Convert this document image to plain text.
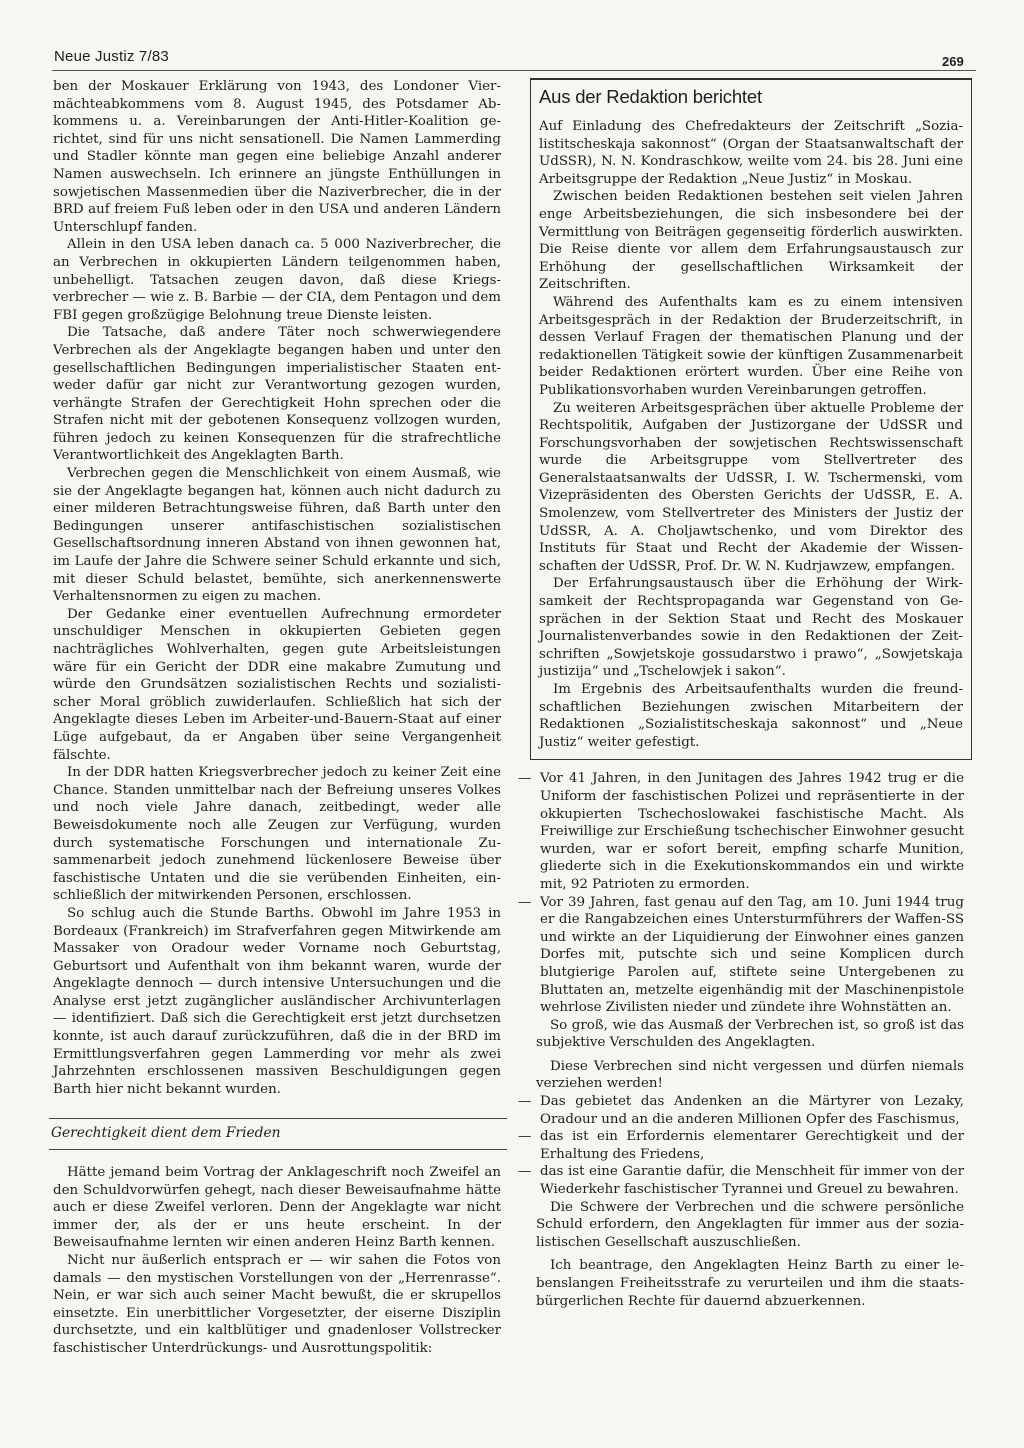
Neue Justiz 7/83	269

ben der Moskauer Erklärung von 1943, des Londoner Viermächteabkommens vom 8. August 1945, des Potsdamer Abkommens u. a. Vereinbarungen der Anti-Hitler-Koalition gerichtet, sind für uns nicht sensationell. Die Namen Lammerding und Stadler könnte man gegen eine beliebige Anzahl anderer Namen auswechseln. Ich erinnere an jüngste Enthüllungen in sowjetischen Massenmedien über die Naziverbrecher, die in der BRD auf freiem Fuß leben oder in den USA und anderen Ländern Unterschlupf fanden.

Allein in den USA leben danach ca. 5 000 Naziverbrecher, die an Verbrechen in okkupierten Ländern teilgenommen haben, unbehelligt. Tatsachen zeugen davon, daß diese Kriegsverbrecher — wie z. B. Barbie — der CIA, dem Pentagon und dem FBI gegen großzügige Belohnung treue Dienste leisten.

Die Tatsache, daß andere Täter noch schwerwiegendere Verbrechen als der Angeklagte begangen haben und unter den gesellschaftlichen Bedingungen imperialistischer Staaten entweder dafür gar nicht zur Verantwortung gezogen wurden, verhängte Strafen der Gerechtigkeit Hohn sprechen oder die Strafen nicht mit der gebotenen Konsequenz vollzogen wurden, führen jedoch zu keinen Konsequenzen für die strafrechtliche Verantwortlichkeit des Angeklagten Barth.

Verbrechen gegen die Menschlichkeit von einem Ausmaß, wie sie der Angeklagte begangen hat, können auch nicht dadurch zu einer milderen Betrachtungsweise führen, daß Barth unter den Bedingungen unserer antifaschistischen sozialistischen Gesellschaftsordnung inneren Abstand von ihnen gewonnen hat, im Laufe der Jahre die Schwere seiner Schuld erkannte und sich, mit dieser Schuld belastet, bemühte, sich anerkennenswerte Verhaltensnormen zu eigen zu machen.

Der Gedanke einer eventuellen Aufrechnung ermordeter unschuldiger Menschen in okkupierten Gebieten gegen nachträgliches Wohlverhalten, gegen gute Arbeitsleistungen wäre für ein Gericht der DDR eine makabre Zumutung und würde den Grundsätzen sozialistischen Rechts und sozialistischer Moral gröblich zuwiderlaufen. Schließlich hat sich der Angeklagte dieses Leben im Arbeiter-und-Bauern-Staat auf einer Lüge aufgebaut, da er Angaben über seine Vergangenheit fälschte.

In der DDR hatten Kriegsverbrecher jedoch zu keiner Zeit eine Chance. Standen unmittelbar nach der Befreiung unseres Volkes und noch viele Jahre danach, zeitbedingt, weder alle Beweisdokumente noch alle Zeugen zur Verfügung, wurden durch systematische Forschungen und internationale Zusammenarbeit jedoch zunehmend lückenlosere Beweise über faschistische Untaten und die sie verübenden Einheiten, einschließlich der mitwirkenden Personen, erschlossen.

So schlug auch die Stunde Barths. Obwohl im Jahre 1953 in Bordeaux (Frankreich) im Strafverfahren gegen Mitwirkende am Massaker von Oradour weder Vorname noch Geburtstag, Geburtsort und Aufenthalt von ihm bekannt waren, wurde der Angeklagte dennoch — durch intensive Untersuchungen und die Analyse erst jetzt zugänglicher ausländischer Archivunterlagen — identifiziert. Daß sich die Gerechtigkeit erst jetzt durchsetzen konnte, ist auch darauf zurückzuführen, daß die in der BRD im Ermittlungsverfahren gegen Lammerding vor mehr als zwei Jahrzehnten erschlossenen massiven Beschuldigungen gegen Barth hier nicht bekannt wurden.

Gerechtigkeit dient dem Frieden

Hätte jemand beim Vortrag der Anklageschrift noch Zweifel an den Schuldvorwürfen gehegt, nach dieser Beweisaufnahme hätte auch er diese Zweifel verloren. Denn der Angeklagte war nicht immer der, als der er uns heute erscheint. In der Beweisaufnahme lernten wir einen anderen Heinz Barth kennen.

Nicht nur äußerlich entsprach er — wir sahen die Fotos von damals — den mystischen Vorstellungen von der „Herrenrasse“. Nein, er war sich auch seiner Macht bewußt, die er skrupellos einsetzte. Ein unerbittlicher Vorgesetzter, der eiserne Disziplin durchsetzte, und ein kaltblütiger und gnadenloser Vollstrecker faschistischer Unterdrückungs- und Ausrottungspolitik:

Aus der Redaktion berichtet

Auf Einladung des Chefredakteurs der Zeitschrift „Sozialistitscheskaja sakonnost“ (Organ der Staatsanwaltschaft der UdSSR), N. N. Kondraschkow, weilte vom 24. bis 28. Juni eine Arbeitsgruppe der Redaktion „Neue Justiz“ in Moskau.

Zwischen beiden Redaktionen bestehen seit vielen Jahren enge Arbeitsbeziehungen, die sich insbesondere bei der Vermittlung von Beiträgen gegenseitig förderlich auswirkten. Die Reise diente vor allem dem Erfahrungsaustausch zur Erhöhung der gesellschaftlichen Wirksamkeit der Zeitschriften.

Während des Aufenthalts kam es zu einem intensiven Arbeitsgespräch in der Redaktion der Bruderzeitschrift, in dessen Verlauf Fragen der thematischen Planung und der redaktionellen Tätigkeit sowie der künftigen Zusammenarbeit beider Redaktionen erörtert wurden. Über eine Reihe von Publikationsvorhaben wurden Vereinbarungen getroffen.

Zu weiteren Arbeitsgesprächen über aktuelle Probleme der Rechtspolitik, Aufgaben der Justizorgane der UdSSR und Forschungsvorhaben der sowjetischen Rechtswissenschaft wurde die Arbeitsgruppe vom Stellvertreter des Generalstaatsanwalts der UdSSR, I. W. Tschermenski, vom Vizepräsidenten des Obersten Gerichts der UdSSR, E. A. Smolenzew, vom Stellvertreter des Ministers der Justiz der UdSSR, A. A. Choljawtschenko, und vom Direktor des Instituts für Staat und Recht der Akademie der Wissenschaften der UdSSR, Prof. Dr. W. N. Kudrjawzew, empfangen.

Der Erfahrungsaustausch über die Erhöhung der Wirksamkeit der Rechtspropaganda war Gegenstand von Gesprächen in der Sektion Staat und Recht des Moskauer Journalistenverbandes sowie in den Redaktionen der Zeitschriften „Sowjetskoje gossudarstwo i prawo“, „Sowjetskaja justizija“ und „Tschelowjek i sakon“.

Im Ergebnis des Arbeitsaufenthalts wurden die freundschaftlichen Beziehungen zwischen Mitarbeitern der Redaktionen „Sozialistitscheskaja sakonnost“ und „Neue Justiz“ weiter gefestigt.

— Vor 41 Jahren, in den Junitagen des Jahres 1942 trug er die Uniform der faschistischen Polizei und repräsentierte in der okkupierten Tschechoslowakei faschistische Macht. Als Freiwillige zur Erschießung tschechischer Einwohner gesucht wurden, war er sofort bereit, empfing scharfe Munition, gliederte sich in die Exekutionskommandos ein und wirkte mit, 92 Patrioten zu ermorden.

— Vor 39 Jahren, fast genau auf den Tag, am 10. Juni 1944 trug er die Rangabzeichen eines Untersturmführers der Waffen-SS und wirkte an der Liquidierung der Einwohner eines ganzen Dorfes mit, putschte sich und seine Komplicen durch blutgierige Parolen auf, stiftete seine Untergebenen zu Bluttaten an, metzelte eigenhändig mit der Maschinenpistole wehrlose Zivilisten nieder und zündete ihre Wohnstätten an.

So groß, wie das Ausmaß der Verbrechen ist, so groß ist das subjektive Verschulden des Angeklagten.

Diese Verbrechen sind nicht vergessen und dürfen niemals verziehen werden!

— Das gebietet das Andenken an die Märtyrer von Lezaky, Oradour und an die anderen Millionen Opfer des Faschismus,

— das ist ein Erfordernis elementarer Gerechtigkeit und der Erhaltung des Friedens,

— das ist eine Garantie dafür, die Menschheit für immer von der Wiederkehr faschistischer Tyrannei und Greuel zu bewahren.

Die Schwere der Verbrechen und die schwere persönliche Schuld erfordern, den Angeklagten für immer aus der sozialistischen Gesellschaft auszuschließen.

Ich beantrage, den Angeklagten Heinz Barth zu einer lebenslangen Freiheitsstrafe zu verurteilen und ihm die staatsbürgerlichen Rechte für dauernd abzuerkennen.
